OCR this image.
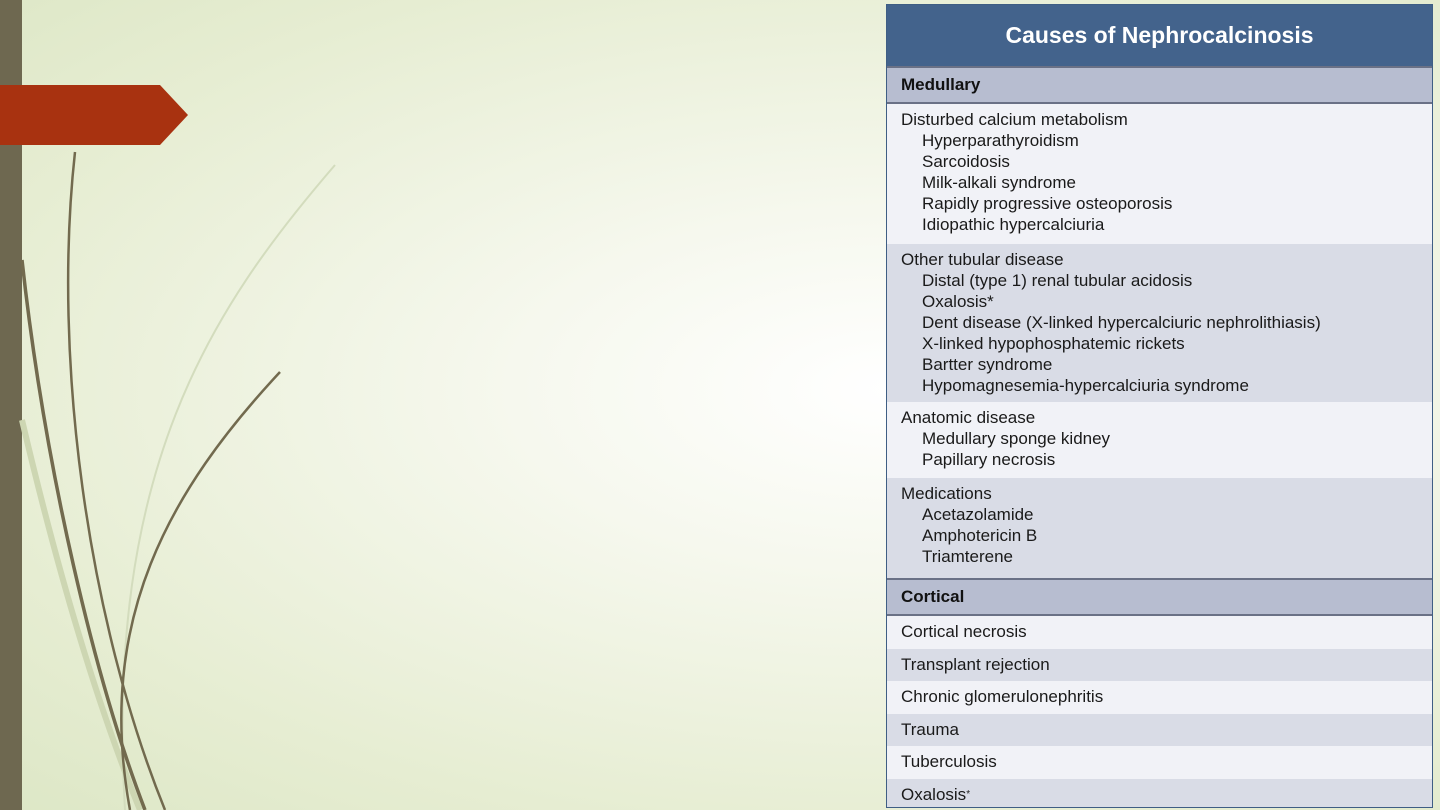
Causes of Nephrocalcinosis
Medullary
Disturbed calcium metabolism
Hyperparathyroidism
Sarcoidosis
Milk-alkali syndrome
Rapidly progressive osteoporosis
Idiopathic hypercalciuria
Other tubular disease
Distal (type 1) renal tubular acidosis
Oxalosis*
Dent disease (X-linked hypercalciuric nephrolithiasis)
X-linked hypophosphatemic rickets
Bartter syndrome
Hypomagnesemia-hypercalciuria syndrome
Anatomic disease
Medullary sponge kidney
Papillary necrosis
Medications
Acetazolamide
Amphotericin B
Triamterene
Cortical
Cortical necrosis
Transplant rejection
Chronic glomerulonephritis
Trauma
Tuberculosis
Oxalosis *
